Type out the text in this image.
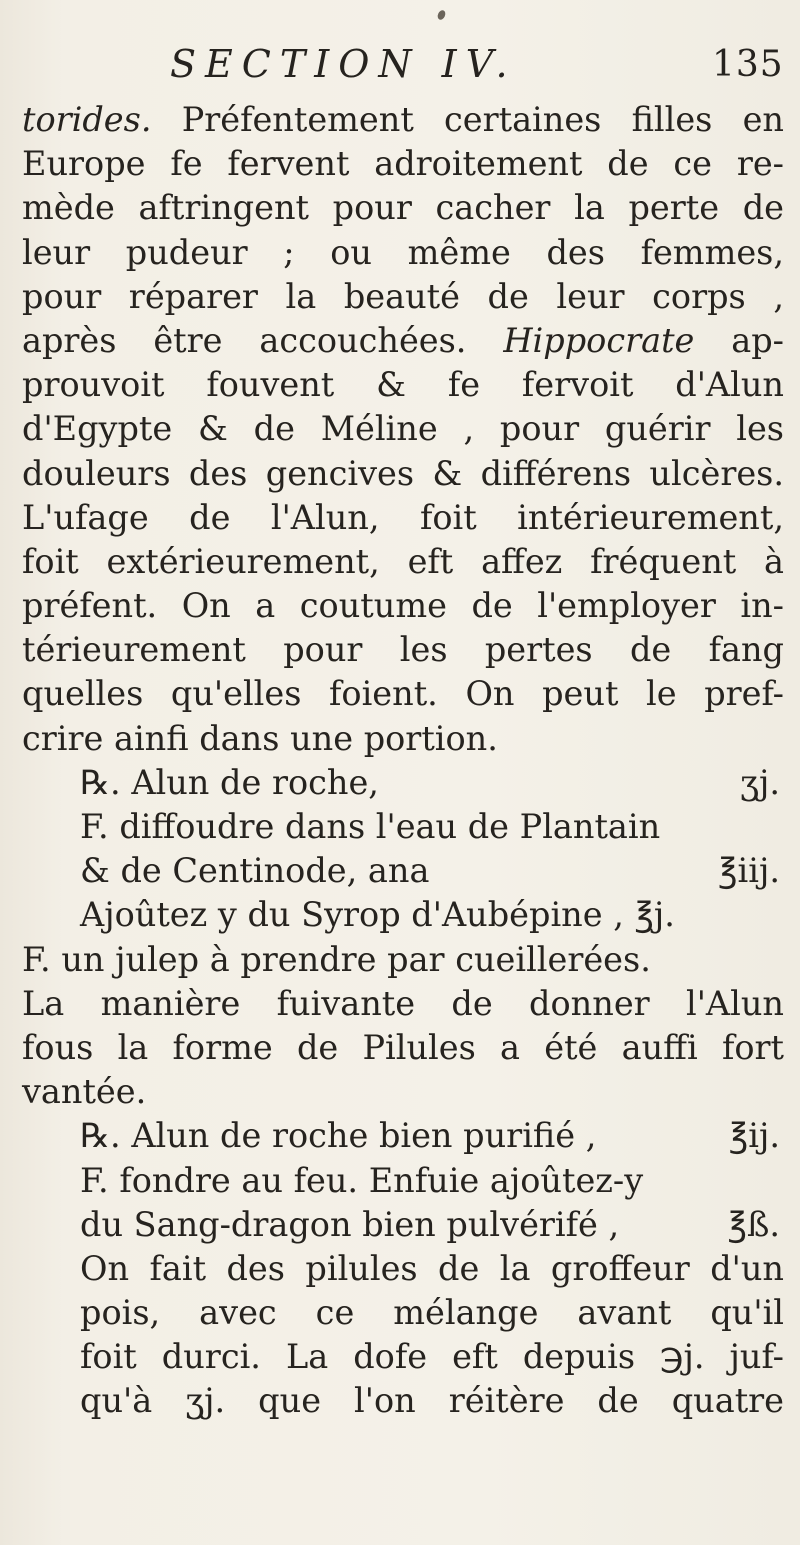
SECTION IV.	135
torides. Préfentement certaines filles en
Europe fe fervent adroitement de ce re-
mède aftringent pour cacher la perte de
leur pudeur ; ou même des femmes,
pour réparer la beauté de leur corps ,
après être accouchées. Hippocrate ap-
prouvoit fouvent & fe fervoit d'Alun
d'Egypte & de Méline , pour guérir les
douleurs des gencives & différens ulcères.
L'ufage de l'Alun, foit intérieurement,
foit extérieurement, eft affez fréquent à
préfent. On a coutume de l'employer in-
térieurement pour les pertes de fang
quelles qu'elles foient. On peut le pref-
crire ainfi dans une portion.
℞. Alun de roche,	ʒj.
F. diffoudre dans l'eau de Plantain
& de Centinode, ana	℥iij.
Ajoûtez y du Syrop d'Aubépine , ℥j.
F. un julep à prendre par cueillerées.
La manière fuivante de donner l'Alun
fous la forme de Pilules a été auffi fort
vantée.
℞. Alun de roche bien purifié ,	℥ij.
F. fondre au feu. Enfuie ajoûtez-y
du Sang-dragon bien pulvérifé ,	℥ß.
On fait des pilules de la groffeur d'un
pois, avec ce mélange avant qu'il
foit durci. La dofe eft depuis ℈j. juf-
qu'à ʒj. que l'on réitère de quatre
